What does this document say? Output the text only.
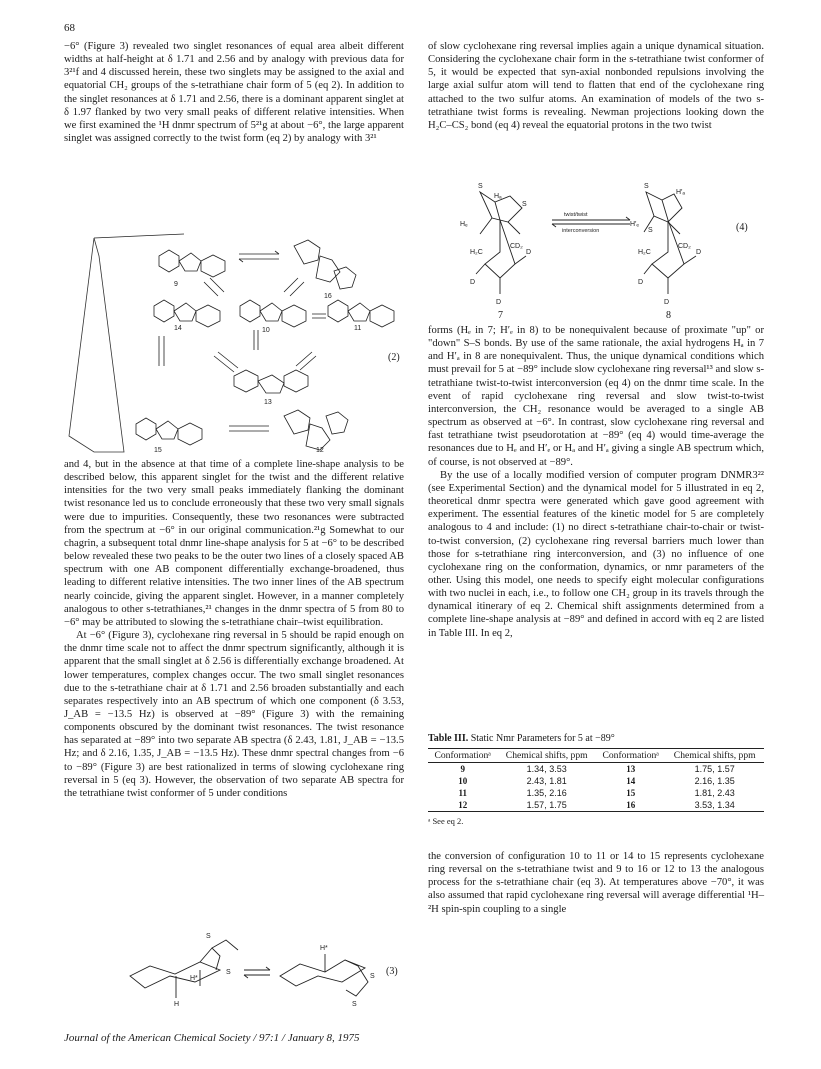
68

−6° (Figure 3) revealed two singlet resonances of equal area albeit different widths at half-height at δ 1.71 and 2.56 and by analogy with previous data for 3²¹f and 4 discussed herein, these two singlets may be assigned to the axial and equatorial CH₂ groups of the s-tetrathiane chair form of 5 (eq 2). In addition to the singlet resonances at δ 1.71 and 2.56, there is a dominant apparent singlet at δ 1.97 flanked by two very small peaks of different relative intensities. When we first examined the ¹H dnmr spectrum of 5²¹g at about −6°, the large apparent singlet was assigned correctly to the twist form (eq 2) by analogy with 3²¹

9
16
14	10	11
13
15	12
(2)

and 4, but in the absence at that time of a complete line-shape analysis to be described below, this apparent singlet for the twist and the different relative intensities for the two very small peaks immediately flanking the dominant twist resonance led us to conclude erroneously that these two very small signals were due to impurities. Consequently, these two resonances were subtracted from the spectrum at −6° in our original communication.²¹g Somewhat to our chagrin, a subsequent total dnmr line-shape analysis for 5 at −6° to be described below revealed these two peaks to be the outer two lines of a closely spaced AB spectrum with one AB component differentially exchange-broadened, thus leading to different relative intensities. The two inner lines of the AB spectrum nearly coincide, giving the apparent singlet. However, in a manner completely analogous to other s-tetrathianes,²¹ changes in the dnmr spectra of 5 from 80 to −6° may be attributed to slowing the s-tetrathiane chair–twist equilibration.

At −6° (Figure 3), cyclohexane ring reversal in 5 should be rapid enough on the dnmr time scale not to affect the dnmr spectrum significantly, although it is apparent that the small singlet at δ 2.56 is differentially exchange broadened. At lower temperatures, complex changes occur. The two small singlet resonances due to the s-tetrathiane chair at δ 1.71 and 2.56 broaden substantially and each separates respectively into an AB spectrum of which one component (δ 3.53, J_AB = −13.5 Hz) is observed at −89° (Figure 3) with the remaining components obscured by the dominant twist resonances. The twist resonance has separated at −89° into two separate AB spectra (δ 2.43, 1.81, J_AB = −13.5 Hz; and δ 2.16, 1.35, J_AB = −13.5 Hz). These dnmr spectral changes from −6 to −89° (Figure 3) are best rationalized in terms of slowing cyclohexane ring reversal in 5 (eq 3). However, the observation of two separate AB spectra for the tetrathiane twist conformer of 5 under conditions

S
S
H
H*
H*
S
S
(3)

of slow cyclohexane ring reversal implies again a unique dynamical situation. Considering the cyclohexane chair form in the s-tetrathiane twist conformer of 5, it would be expected that syn-axial nonbonded repulsions involving the large axial sulfur atom will tend to flatten that end of the cyclohexane ring attached to the two sulfur atoms. An examination of models of the two s-tetrathiane twist forms is revealing. Newman projections looking down the H₂C–CS₂ bond (eq 4) reveal the equatorial protons in the two twist

S
S
Hₑ
Hₐ
CD₂
H₂C
D
D
D
S
H′ₐ
H′ₑ
S
CD₂
H₂C
D
D
D
twist/twist
interconversion
7	8
(4)

forms (Hₑ in 7; H′ₑ in 8) to be nonequivalent because of proximate "up" or "down" S–S bonds. By use of the same rationale, the axial hydrogens Hₐ in 7 and H′ₐ in 8 are nonequivalent. Thus, the unique dynamical conditions which must prevail for 5 at −89° include slow cyclohexane ring reversal¹³ and slow s-tetrathiane twist-to-twist interconversion (eq 4) on the dnmr time scale. In the event of rapid cyclohexane ring reversal and slow twist-to-twist interconversion, the CH₂ resonance would be averaged to a single AB spectrum as observed at −6°. In contrast, slow cyclohexane ring reversal and fast tetrathiane twist pseudorotation at −89° (eq 4) would time-average the resonances due to Hₑ and H′ₑ or Hₐ and H′ₐ giving a single AB spectrum which, of course, is not observed at −89°.

By the use of a locally modified version of computer program DNMR3²² (see Experimental Section) and the dynamical model for 5 illustrated in eq 2, theoretical dnmr spectra were generated which gave good agreement with experiment. The essential features of the kinetic model for 5 are completely analogous to 4 and include: (1) no direct s-tetrathiane chair-to-chair or twist-to-twist conversion, (2) cyclohexane ring reversal barriers much lower than those for s-tetrathiane ring interconversion, and (3) no influence of one cyclohexane ring on the conformation, dynamics, or nmr parameters of the other. Using this model, one needs to specify eight molecular configurations with two nuclei in each, i.e., to follow one CH₂ group in its travels through the dynamical itinerary of eq 2. Chemical shift assignments determined from a complete line-shape analysis at −89° and defined in accord with eq 2 are listed in Table III. In eq 2,

Table III. Static Nmr Parameters for 5 at −89°
Conformationᵃ	Chemical shifts, ppm	Conformationᵃ	Chemical shifts, ppm
9	1.34, 3.53	13	1.75, 1.57
10	2.43, 1.81	14	2.16, 1.35
11	1.35, 2.16	15	1.81, 2.43
12	1.57, 1.75	16	3.53, 1.34
ᵃ See eq 2.

the conversion of configuration 10 to 11 or 14 to 15 represents cyclohexane ring reversal on the s-tetrathiane twist and 9 to 16 or 12 to 13 the analogous process for the s-tetrathiane chair (eq 3). At temperatures above −70°, it was also assumed that rapid cyclohexane ring reversal will average differential ¹H–²H spin-spin coupling to a single

Journal of the American Chemical Society / 97:1 / January 8, 1975
